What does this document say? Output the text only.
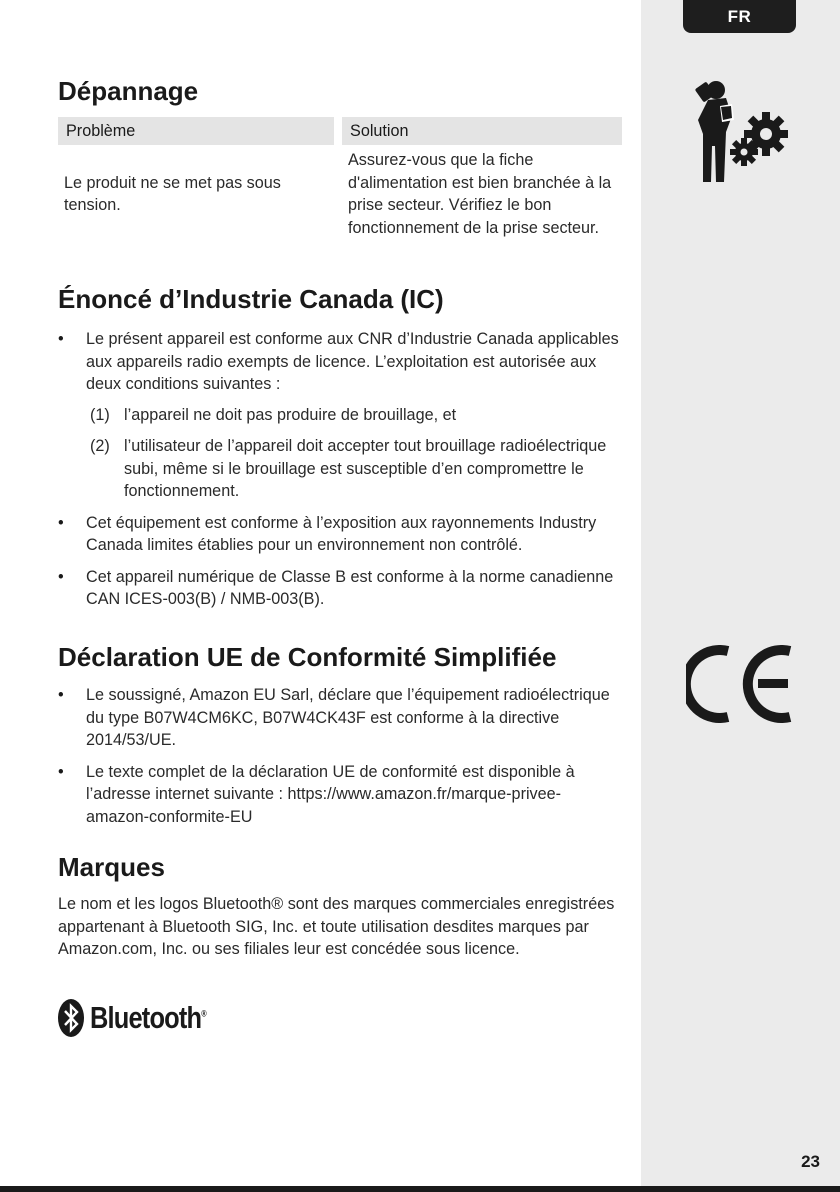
FR
Dépannage
Problème	Solution
Le produit ne se met pas sous tension.
Assurez-vous que la fiche d'alimentation est bien branchée à la prise secteur. Vérifiez le bon fonctionnement de la prise secteur.
Énoncé d’Industrie Canada (IC)
• Le présent appareil est conforme aux CNR d’Industrie Canada applicables aux appareils radio exempts de licence. L’exploitation est autorisée aux deux conditions suivantes :
(1) l’appareil ne doit pas produire de brouillage, et
(2) l’utilisateur de l’appareil doit accepter tout brouillage radioélectrique subi, même si le brouillage est susceptible d’en compromettre le fonctionnement.
• Cet équipement est conforme à l’exposition aux rayonnements Industry Canada limites établies pour un environnement non contrôlé.
• Cet appareil numérique de Classe B est conforme à la norme canadienne CAN ICES-003(B) / NMB-003(B).
Déclaration UE de Conformité Simplifiée
• Le soussigné, Amazon EU Sarl, déclare que l’équipement radioélectrique du type B07W4CM6KC, B07W4CK43F est conforme à la directive 2014/53/UE.
• Le texte complet de la déclaration UE de conformité est disponible à l’adresse internet suivante : https://www.amazon.fr/marque-privee-amazon-conformite-EU
Marques

Le nom et les logos Bluetooth® sont des marques commerciales enregistrées appartenant à Bluetooth SIG, Inc. et toute utilisation desdites marques par Amazon.com, Inc. ou ses filiales leur est concédée sous licence.

Bluetooth®
23
